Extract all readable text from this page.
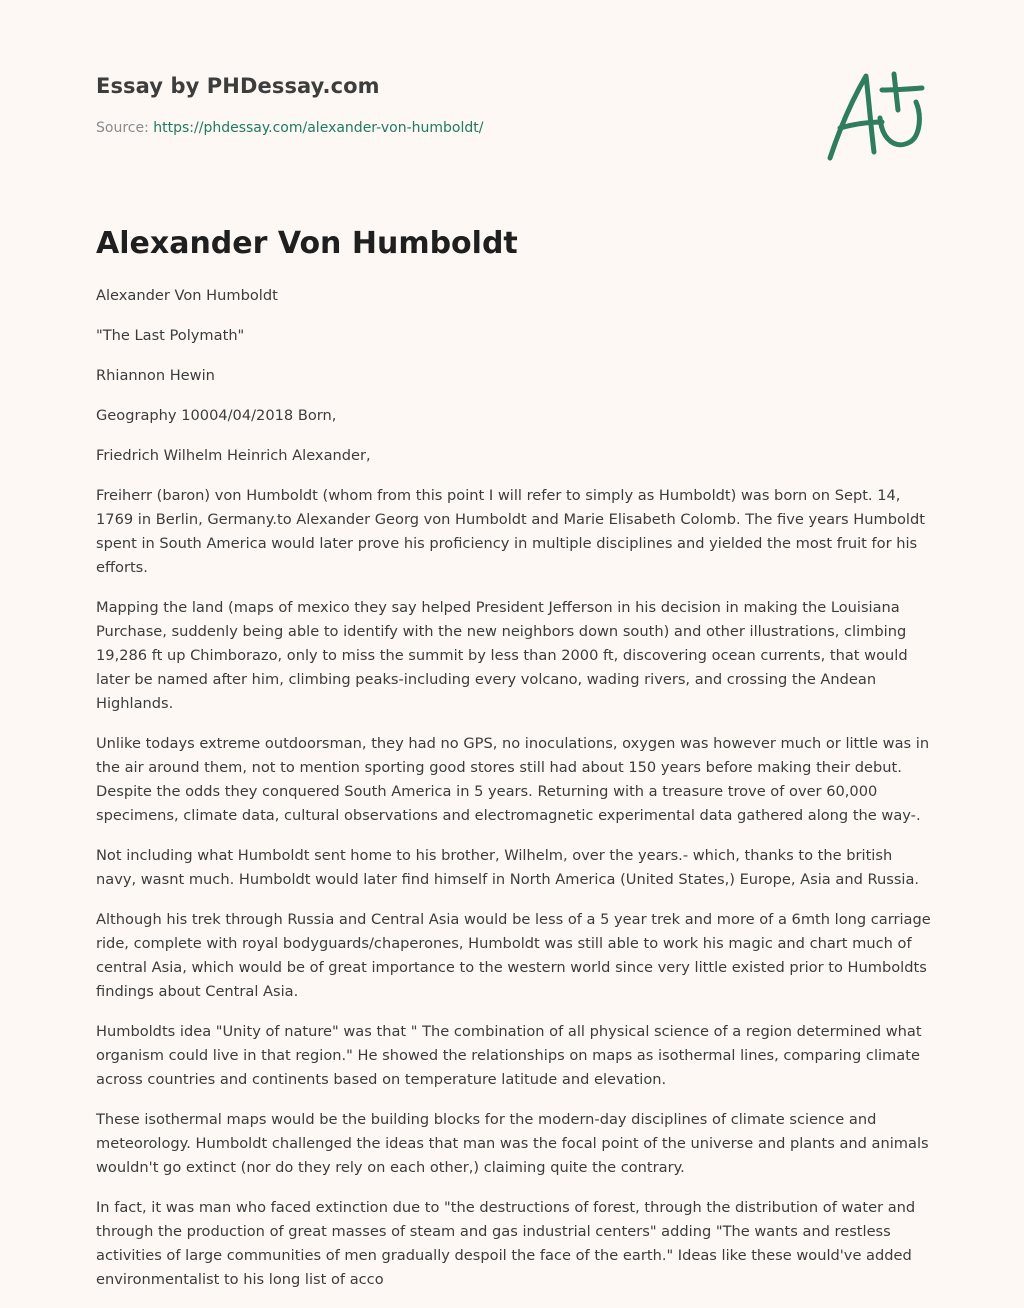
Essay by PHDessay.com
Source: https://phdessay.com/alexander-von-humboldt/
Alexander Von Humboldt

Alexander Von Humboldt

"The Last Polymath"

Rhiannon Hewin

Geography 10004/04/2018 Born,

Friedrich Wilhelm Heinrich Alexander,

Freiherr (baron) von Humboldt (whom from this point I will refer to simply as Humboldt) was born on Sept. 14, 1769 in Berlin, Germany.to Alexander Georg von Humboldt and Marie Elisabeth Colomb. The five years Humboldt spent in South America would later prove his proficiency in multiple disciplines and yielded the most fruit for his efforts.

Mapping the land (maps of mexico they say helped President Jefferson in his decision in making the Louisiana Purchase, suddenly being able to identify with the new neighbors down south) and other illustrations, climbing 19,286 ft up Chimborazo, only to miss the summit by less than 2000 ft, discovering ocean currents, that would later be named after him, climbing peaks-including every volcano, wading rivers, and crossing the Andean Highlands.

Unlike todays extreme outdoorsman, they had no GPS, no inoculations, oxygen was however much or little was in the air around them, not to mention sporting good stores still had about 150 years before making their debut. Despite the odds they conquered South America in 5 years. Returning with a treasure trove of over 60,000 specimens, climate data, cultural observations and electromagnetic experimental data gathered along the way-.

Not including what Humboldt sent home to his brother, Wilhelm, over the years.- which, thanks to the british navy, wasnt much. Humboldt would later find himself in North America (United States,) Europe, Asia and Russia.

Although his trek through Russia and Central Asia would be less of a 5 year trek and more of a 6mth long carriage ride, complete with royal bodyguards/chaperones, Humboldt was still able to work his magic and chart much of central Asia, which would be of great importance to the western world since very little existed prior to Humboldts findings about Central Asia.

Humboldts idea "Unity of nature" was that " The combination of all physical science of a region determined what organism could live in that region." He showed the relationships on maps as isothermal lines, comparing climate across countries and continents based on temperature latitude and elevation.

These isothermal maps would be the building blocks for the modern-day disciplines of climate science and meteorology. Humboldt challenged the ideas that man was the focal point of the universe and plants and animals wouldn't go extinct (nor do they rely on each other,) claiming quite the contrary.

In fact, it was man who faced extinction due to "the destructions of forest, through the distribution of water and through the production of great masses of steam and gas industrial centers" adding "The wants and restless activities of large communities of men gradually despoil the face of the earth." Ideas like these would've added environmentalist to his long list of acco
